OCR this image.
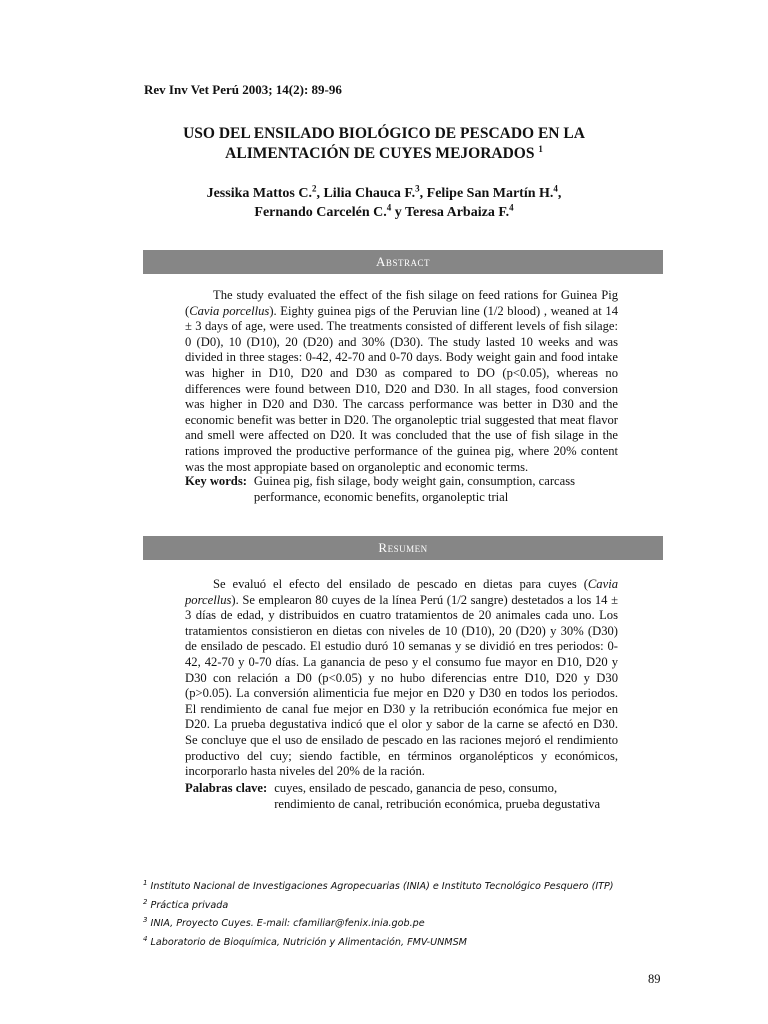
Rev Inv Vet Perú 2003; 14(2): 89-96
USO DEL ENSILADO BIOLÓGICO DE PESCADO EN LA
ALIMENTACIÓN DE CUYES MEJORADOS $^1$
Jessika Mattos C.$^2$, Lilia Chauca F.$^3$, Felipe San Martín H.$^4$,
Fernando Carcelén C.$^4$ y Teresa Arbaiza F.$^4$
Abstract
The study evaluated the effect of the fish silage on feed rations for Guinea Pig (Cavia porcellus). Eighty guinea pigs of the Peruvian line (1/2 blood) , weaned at 14 ± 3 days of age, were used. The treatments consisted of different levels of fish silage: 0 (D0), 10 (D10), 20 (D20) and 30% (D30). The study lasted 10 weeks and was divided in three stages: 0-42, 42-70 and 0-70 days. Body weight gain and food intake was higher in D10, D20 and D30 as compared to DO (p<0.05), whereas no differences were found between D10, D20 and D30. In all stages, food conversion was higher in D20 and D30. The carcass performance was better in D30 and the economic benefit was better in D20. The organoleptic trial suggested that meat flavor and smell were affected on D20. It was concluded that the use of fish silage in the rations improved the productive performance of the guinea pig, where 20% content was the most appropiate based on organoleptic and economic terms.
Key words: Guinea pig, fish silage, body weight gain, consumption, carcass performance, economic benefits, organoleptic trial
Resumen
Se evaluó el efecto del ensilado de pescado en dietas para cuyes (Cavia porcellus). Se emplearon 80 cuyes de la línea Perú (1/2 sangre) destetados a los 14 ± 3 días de edad, y distribuidos en cuatro tratamientos de 20 animales cada uno. Los tratamientos consistieron en dietas con niveles de 10 (D10), 20 (D20) y 30% (D30) de ensilado de pescado. El estudio duró 10 semanas y se dividió en tres periodos: 0-42, 42-70 y 0-70 días. La ganancia de peso y el consumo fue mayor en D10, D20 y D30 con relación a D0 (p<0.05) y no hubo diferencias entre D10, D20 y D30 (p>0.05). La conversión alimenticia fue mejor en D20 y D30 en todos los periodos. El rendimiento de canal fue mejor en D30 y la retribución económica fue mejor en D20. La prueba degustativa indicó que el olor y sabor de la carne se afectó en D30. Se concluye que el uso de ensilado de pescado en las raciones mejoró el rendimiento productivo del cuy; siendo factible, en términos organolépticos y económicos, incorporarlo hasta niveles del 20% de la ración.
Palabras clave: cuyes, ensilado de pescado, ganancia de peso, consumo, rendimiento de canal, retribución económica, prueba degustativa
$^1$ Instituto Nacional de Investigaciones Agropecuarias (INIA) e Instituto Tecnológico Pesquero (ITP)
$^2$ Práctica privada
$^3$ INIA, Proyecto Cuyes. E-mail: cfamiliar@fenix.inia.gob.pe
$^4$ Laboratorio de Bioquímica, Nutrición y Alimentación, FMV-UNMSM
89
